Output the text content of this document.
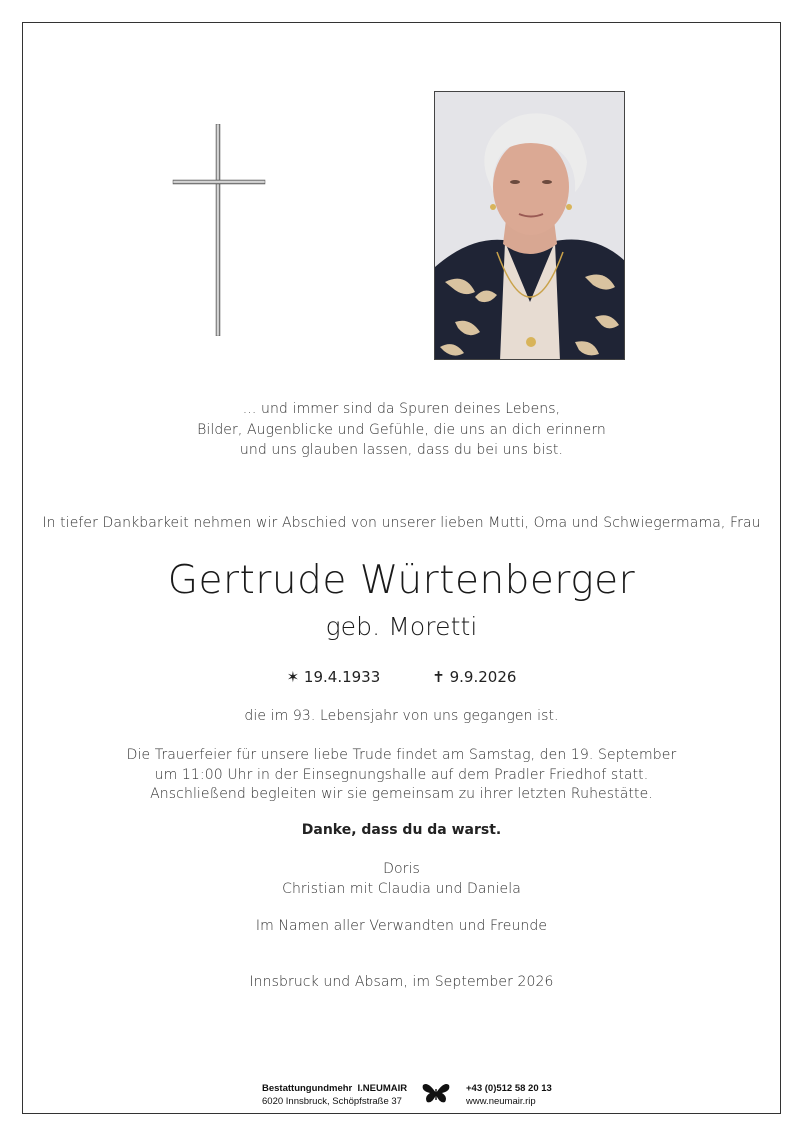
... und immer sind da Spuren deines Lebens,
Bilder, Augenblicke und Gefühle, die uns an dich erinnern
und uns glauben lassen, dass du bei uns bist.
In tiefer Dankbarkeit nehmen wir Abschied von unserer lieben Mutti, Oma und Schwiegermama, Frau
Gertrude Würtenberger
geb. Moretti
✶ 19.4.1933	✝ 9.9.2026
die im 93. Lebensjahr von uns gegangen ist.
Die Trauerfeier für unsere liebe Trude findet am Samstag, den 19. September
um 11:00 Uhr in der Einsegnungshalle auf dem Pradler Friedhof statt.
Anschließend begleiten wir sie gemeinsam zu ihrer letzten Ruhestätte.
Danke, dass du da warst.
Doris
Christian mit Claudia und Daniela
Im Namen aller Verwandten und Freunde
Innsbruck und Absam, im September 2026
Bestattungundmehr I.NEUMAIR
6020 Innsbruck, Schöpfstraße 37
+43 (0)512 58 20 13
www.neumair.rip
